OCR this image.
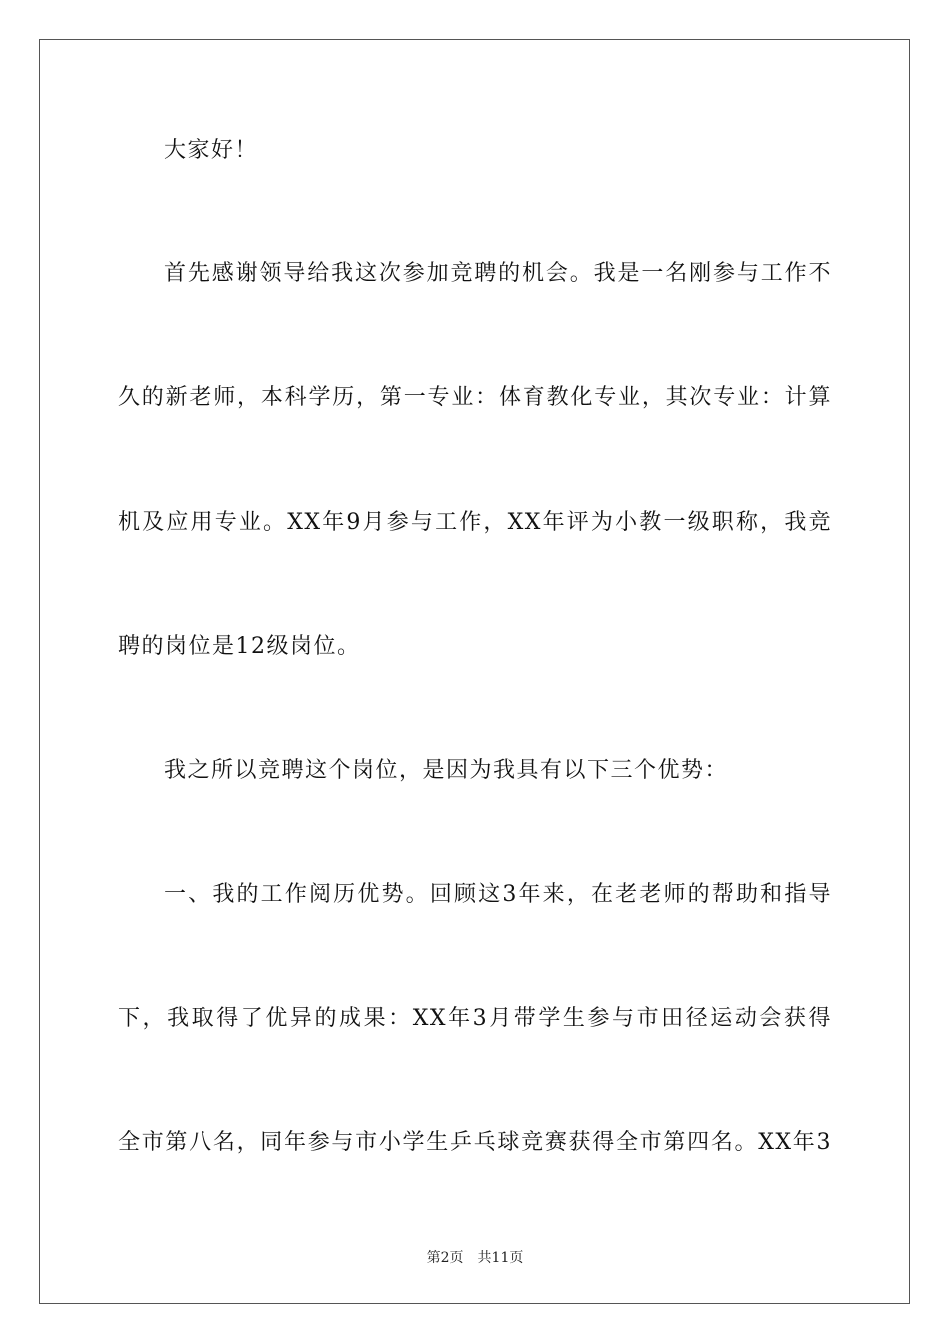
大家好！
首先感谢领导给我这次参加竞聘的机会。我是一名刚参与工作不
久的新老师，本科学历，第一专业：体育教化专业，其次专业：计算
机及应用专业。XX年9月参与工作，XX年评为小教一级职称，我竞
聘的岗位是12级岗位。
我之所以竞聘这个岗位，是因为我具有以下三个优势：
一、我的工作阅历优势。回顾这3年来，在老老师的帮助和指导
下，我取得了优异的成果：XX年3月带学生参与市田径运动会获得
全市第八名，同年参与市小学生乒乓球竞赛获得全市第四名。XX年3
第2页 共11页
